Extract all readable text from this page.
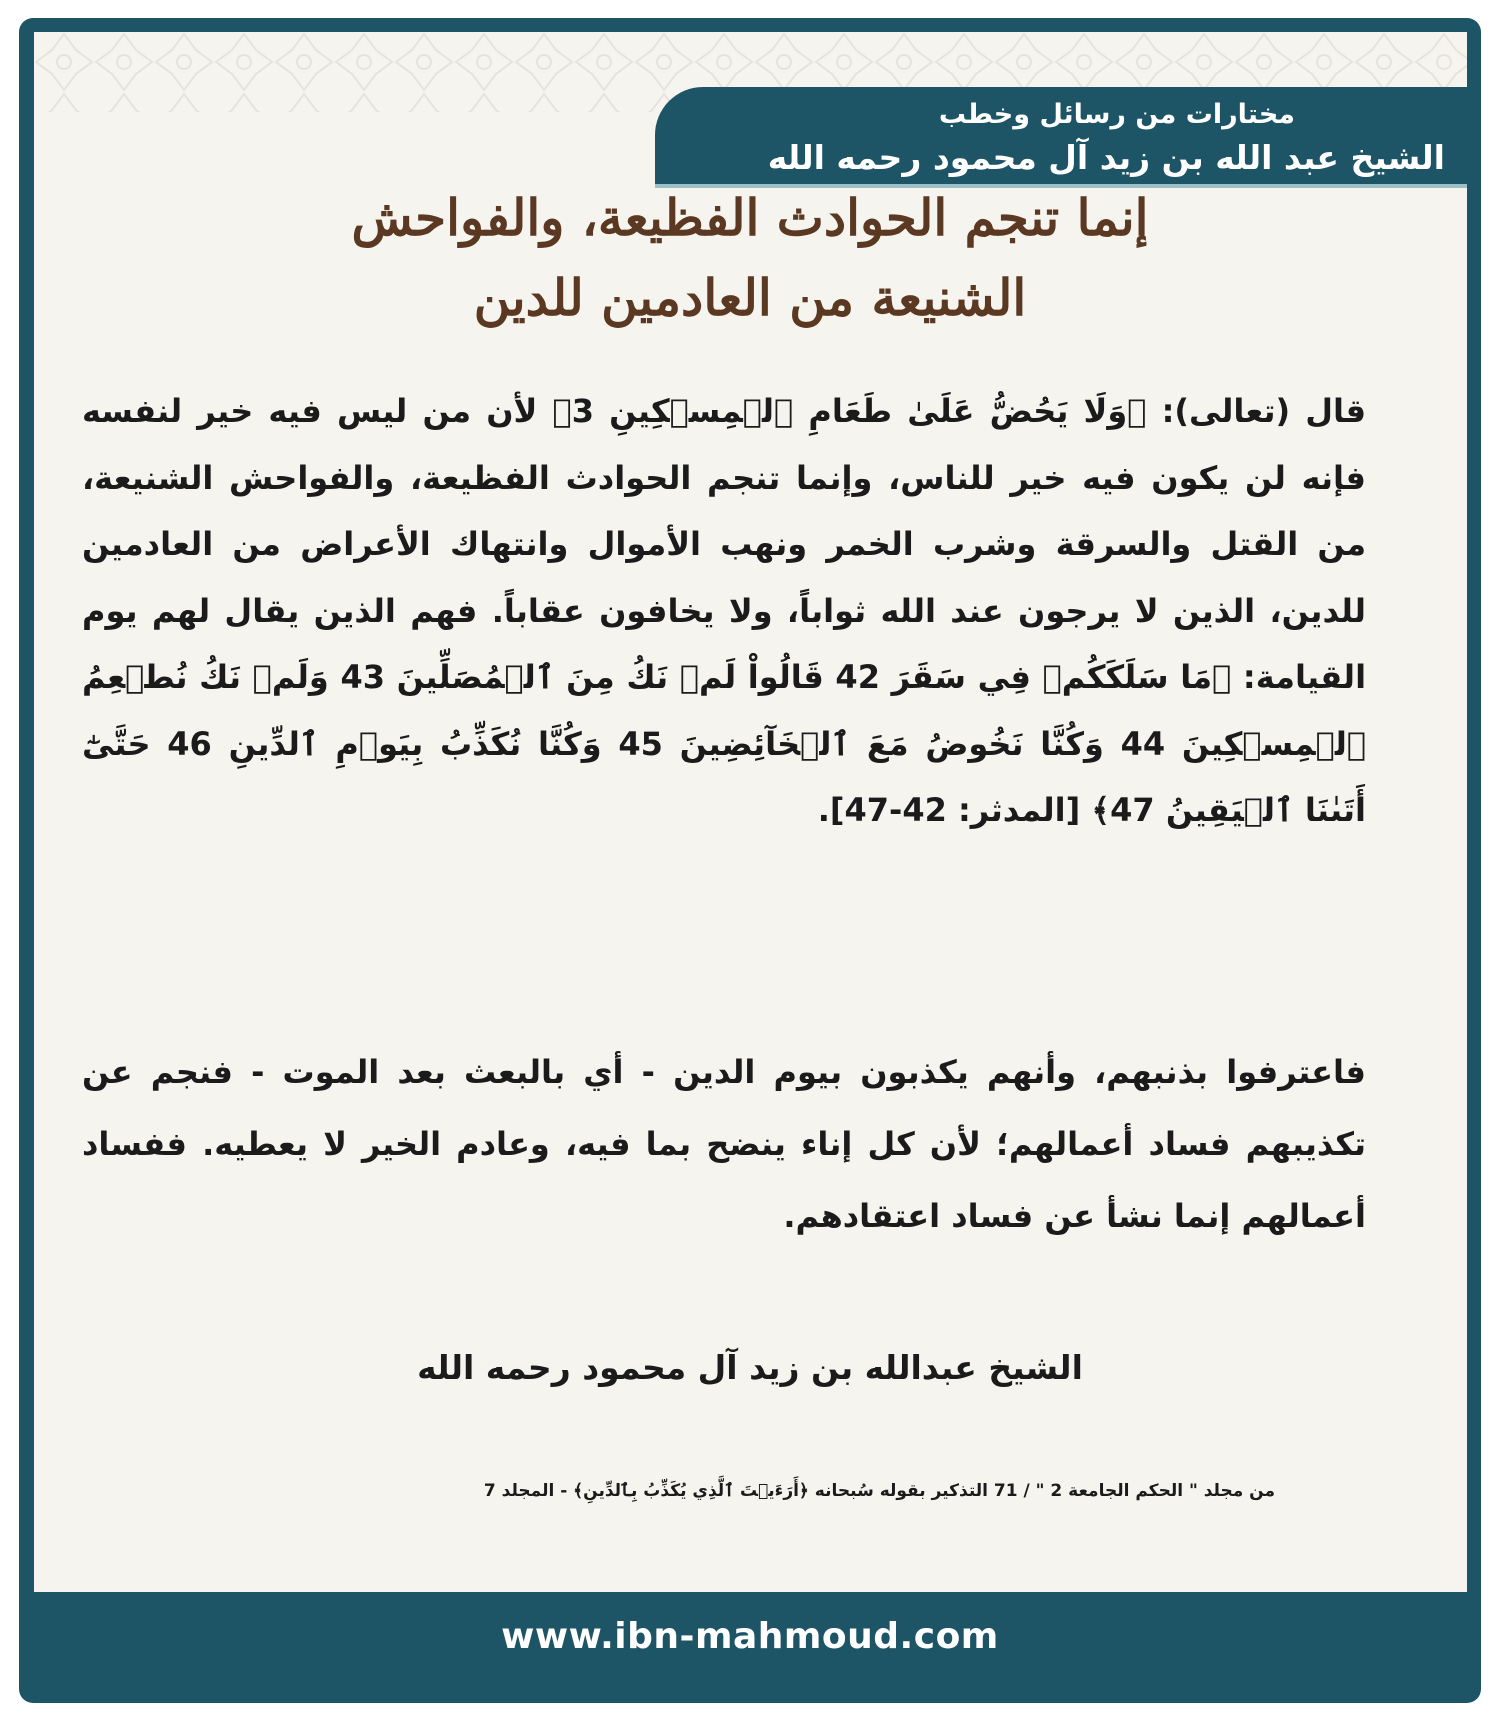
مختارات من رسائل وخطب
الشيخ عبد الله بن زيد آل محمود رحمه الله
إنما تنجم الحوادث الفظيعة، والفواحش
الشنيعة من العادمين للدين
قال (تعالى): ﴿وَلَا يَحُضُّ عَلَىٰ طَعَامِ ٱلۡمِسۡكِينِ 3﴾ لأن من ليس فيه خير لنفسه فإنه لن يكون فيه خير للناس، وإنما تنجم الحوادث الفظيعة، والفواحش الشنيعة، من القتل والسرقة وشرب الخمر ونهب الأموال وانتهاك الأعراض من العادمين للدين، الذين لا يرجون عند الله ثواباً، ولا يخافون عقاباً. فهم الذين يقال لهم يوم القيامة: ﴿مَا سَلَكَكُمۡ فِي سَقَرَ 42 قَالُواْ لَمۡ نَكُ مِنَ ٱلۡمُصَلِّينَ 43 وَلَمۡ نَكُ نُطۡعِمُ ٱلۡمِسۡكِينَ 44 وَكُنَّا نَخُوضُ مَعَ ٱلۡخَآئِضِينَ 45 وَكُنَّا نُكَذِّبُ بِيَوۡمِ ٱلدِّينِ 46 حَتَّىٰٓ أَتَىٰنَا ٱلۡيَقِينُ 47﴾ [المدثر: 42-47].
فاعترفوا بذنبهم، وأنهم يكذبون بيوم الدين - أي بالبعث بعد الموت - فنجم عن تكذيبهم فساد أعمالهم؛ لأن كل إناء ينضح بما فيه، وعادم الخير لا يعطيه. ففساد أعمالهم إنما نشأ عن فساد اعتقادهم.
الشيخ عبدالله بن زيد آل محمود رحمه الله
من مجلد " الحكم الجامعة 2 " / 71 التذكير بقوله سُبحانه ﴿أَرَءَيۡتَ ٱلَّذِي يُكَذِّبُ بِٱلدِّينِ﴾ - المجلد 7
www.ibn-mahmoud.com
